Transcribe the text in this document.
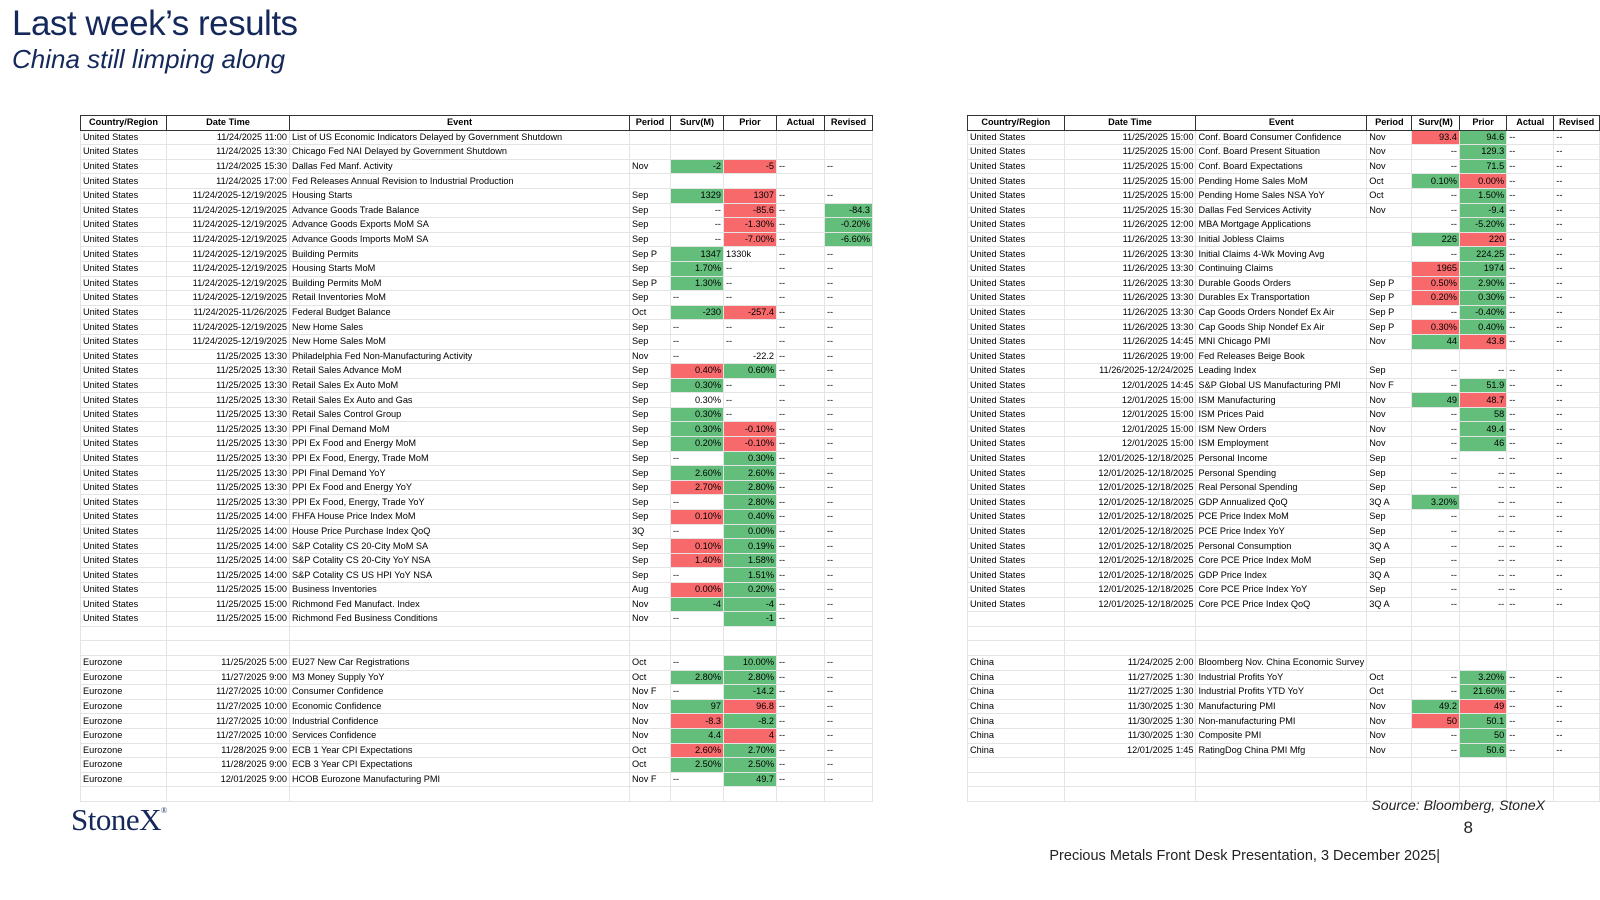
Last week’s results
China still limping along
Country/Region	Date Time	Event	Period	Surv(M)	Prior	Actual	Revised
United States	11/24/2025 11:00	List of US Economic Indicators Delayed by Government Shutdown					
United States	11/24/2025 13:30	Chicago Fed NAI Delayed by Government Shutdown					
United States	11/24/2025 15:30	Dallas Fed Manf. Activity	Nov	-2	-5	--	--
United States	11/24/2025 17:00	Fed Releases Annual Revision to Industrial Production					
United States	11/24/2025-12/19/2025	Housing Starts	Sep	1329	1307	--	--
United States	11/24/2025-12/19/2025	Advance Goods Trade Balance	Sep	--	-85.6	--	-84.3
United States	11/24/2025-12/19/2025	Advance Goods Exports MoM SA	Sep	--	-1.30%	--	-0.20%
United States	11/24/2025-12/19/2025	Advance Goods Imports MoM SA	Sep	--	-7.00%	--	-6.60%
United States	11/24/2025-12/19/2025	Building Permits	Sep P	1347	1330k	--	--
United States	11/24/2025-12/19/2025	Housing Starts MoM	Sep	1.70%	--	--	--
United States	11/24/2025-12/19/2025	Building Permits MoM	Sep P	1.30%	--	--	--
United States	11/24/2025-12/19/2025	Retail Inventories MoM	Sep	--	--	--	--
United States	11/24/2025-11/26/2025	Federal Budget Balance	Oct	-230	-257.4	--	--
United States	11/24/2025-12/19/2025	New Home Sales	Sep	--	--	--	--
United States	11/24/2025-12/19/2025	New Home Sales MoM	Sep	--	--	--	--
United States	11/25/2025 13:30	Philadelphia Fed Non-Manufacturing Activity	Nov	--	-22.2	--	--
United States	11/25/2025 13:30	Retail Sales Advance MoM	Sep	0.40%	0.60%	--	--
United States	11/25/2025 13:30	Retail Sales Ex Auto MoM	Sep	0.30%	--	--	--
United States	11/25/2025 13:30	Retail Sales Ex Auto and Gas	Sep	0.30%	--	--	--
United States	11/25/2025 13:30	Retail Sales Control Group	Sep	0.30%	--	--	--
United States	11/25/2025 13:30	PPI Final Demand MoM	Sep	0.30%	-0.10%	--	--
United States	11/25/2025 13:30	PPI Ex Food and Energy MoM	Sep	0.20%	-0.10%	--	--
United States	11/25/2025 13:30	PPI Ex Food, Energy, Trade MoM	Sep	--	0.30%	--	--
United States	11/25/2025 13:30	PPI Final Demand YoY	Sep	2.60%	2.60%	--	--
United States	11/25/2025 13:30	PPI Ex Food and Energy YoY	Sep	2.70%	2.80%	--	--
United States	11/25/2025 13:30	PPI Ex Food, Energy, Trade YoY	Sep	--	2.80%	--	--
United States	11/25/2025 14:00	FHFA House Price Index MoM	Sep	0.10%	0.40%	--	--
United States	11/25/2025 14:00	House Price Purchase Index QoQ	3Q	--	0.00%	--	--
United States	11/25/2025 14:00	S&P Cotality CS 20-City MoM SA	Sep	0.10%	0.19%	--	--
United States	11/25/2025 14:00	S&P Cotality CS 20-City YoY NSA	Sep	1.40%	1.58%	--	--
United States	11/25/2025 14:00	S&P Cotality CS US HPI YoY NSA	Sep	--	1.51%	--	--
United States	11/25/2025 15:00	Business Inventories	Aug	0.00%	0.20%	--	--
United States	11/25/2025 15:00	Richmond Fed Manufact. Index	Nov	-4	-4	--	--
United States	11/25/2025 15:00	Richmond Fed Business Conditions	Nov	--	-1	--	--

Eurozone	11/25/2025 5:00	EU27 New Car Registrations	Oct	--	10.00%	--	--
Eurozone	11/27/2025 9:00	M3 Money Supply YoY	Oct	2.80%	2.80%	--	--
Eurozone	11/27/2025 10:00	Consumer Confidence	Nov F	--	-14.2	--	--
Eurozone	11/27/2025 10:00	Economic Confidence	Nov	97	96.8	--	--
Eurozone	11/27/2025 10:00	Industrial Confidence	Nov	-8.3	-8.2	--	--
Eurozone	11/27/2025 10:00	Services Confidence	Nov	4.4	4	--	--
Eurozone	11/28/2025 9:00	ECB 1 Year CPI Expectations	Oct	2.60%	2.70%	--	--
Eurozone	11/28/2025 9:00	ECB 3 Year CPI Expectations	Oct	2.50%	2.50%	--	--
Eurozone	12/01/2025 9:00	HCOB Eurozone Manufacturing PMI	Nov F	--	49.7	--	--

Country/Region	Date Time	Event	Period	Surv(M)	Prior	Actual	Revised
United States	11/25/2025 15:00	Conf. Board Consumer Confidence	Nov	93.4	94.6	--	--
United States	11/25/2025 15:00	Conf. Board Present Situation	Nov	--	129.3	--	--
United States	11/25/2025 15:00	Conf. Board Expectations	Nov	--	71.5	--	--
United States	11/25/2025 15:00	Pending Home Sales MoM	Oct	0.10%	0.00%	--	--
United States	11/25/2025 15:00	Pending Home Sales NSA YoY	Oct	--	1.50%	--	--
United States	11/25/2025 15:30	Dallas Fed Services Activity	Nov	--	-9.4	--	--
United States	11/26/2025 12:00	MBA Mortgage Applications		--	-5.20%	--	--
United States	11/26/2025 13:30	Initial Jobless Claims		226	220	--	--
United States	11/26/2025 13:30	Initial Claims 4-Wk Moving Avg		--	224.25	--	--
United States	11/26/2025 13:30	Continuing Claims		1965	1974	--	--
United States	11/26/2025 13:30	Durable Goods Orders	Sep P	0.50%	2.90%	--	--
United States	11/26/2025 13:30	Durables Ex Transportation	Sep P	0.20%	0.30%	--	--
United States	11/26/2025 13:30	Cap Goods Orders Nondef Ex Air	Sep P	--	-0.40%	--	--
United States	11/26/2025 13:30	Cap Goods Ship Nondef Ex Air	Sep P	0.30%	0.40%	--	--
United States	11/26/2025 14:45	MNI Chicago PMI	Nov	44	43.8	--	--
United States	11/26/2025 19:00	Fed Releases Beige Book					
United States	11/26/2025-12/24/2025	Leading Index	Sep	--	--	--	--
United States	12/01/2025 14:45	S&P Global US Manufacturing PMI	Nov F	--	51.9	--	--
United States	12/01/2025 15:00	ISM Manufacturing	Nov	49	48.7	--	--
United States	12/01/2025 15:00	ISM Prices Paid	Nov	--	58	--	--
United States	12/01/2025 15:00	ISM New Orders	Nov	--	49.4	--	--
United States	12/01/2025 15:00	ISM Employment	Nov	--	46	--	--
United States	12/01/2025-12/18/2025	Personal Income	Sep	--	--	--	--
United States	12/01/2025-12/18/2025	Personal Spending	Sep	--	--	--	--
United States	12/01/2025-12/18/2025	Real Personal Spending	Sep	--	--	--	--
United States	12/01/2025-12/18/2025	GDP Annualized QoQ	3Q A	3.20%	--	--	--
United States	12/01/2025-12/18/2025	PCE Price Index MoM	Sep	--	--	--	--
United States	12/01/2025-12/18/2025	PCE Price Index YoY	Sep	--	--	--	--
United States	12/01/2025-12/18/2025	Personal Consumption	3Q A	--	--	--	--
United States	12/01/2025-12/18/2025	Core PCE Price Index MoM	Sep	--	--	--	--
United States	12/01/2025-12/18/2025	GDP Price Index	3Q A	--	--	--	--
United States	12/01/2025-12/18/2025	Core PCE Price Index YoY	Sep	--	--	--	--
United States	12/01/2025-12/18/2025	Core PCE Price Index QoQ	3Q A	--	--	--	--

China	11/24/2025 2:00	Bloomberg Nov. China Economic Survey					
China	11/27/2025 1:30	Industrial Profits YoY	Oct	--	3.20%	--	--
China	11/27/2025 1:30	Industrial Profits YTD YoY	Oct	--	21.60%	--	--
China	11/30/2025 1:30	Manufacturing PMI	Nov	49.2	49	--	--
China	11/30/2025 1:30	Non-manufacturing PMI	Nov	50	50.1	--	--
China	11/30/2025 1:30	Composite PMI	Nov	--	50	--	--
China	12/01/2025 1:45	RatingDog China PMI Mfg	Nov	--	50.6	--	--

StoneX®	Source: Bloomberg, StoneX
8
Precious Metals Front Desk Presentation, 3 December 2025|
